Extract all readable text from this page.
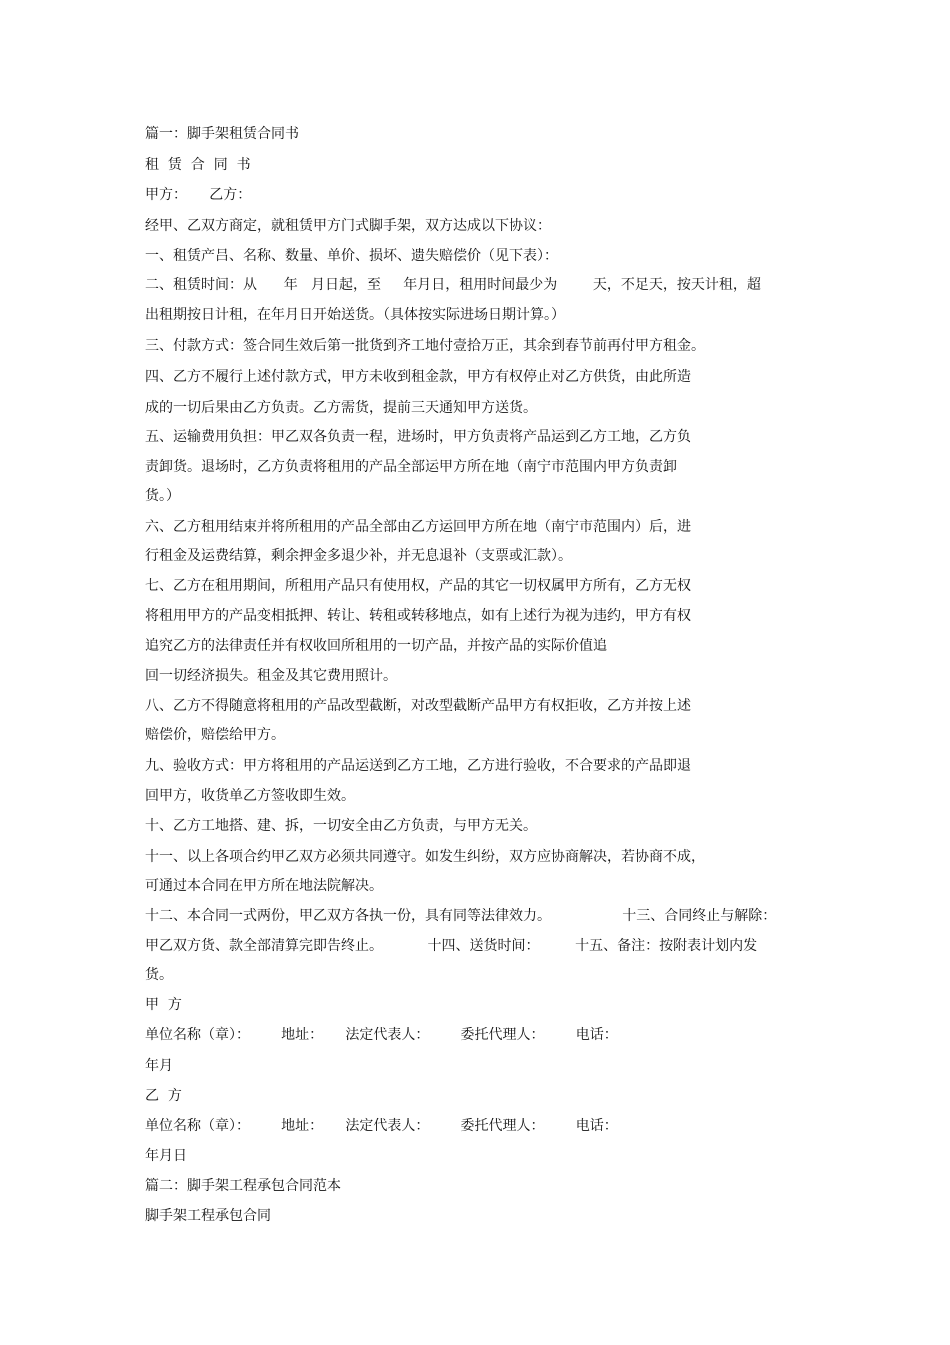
篇一：脚手架租赁合同书
租  赁  合  同  书
甲方：     乙方：
经甲、乙双方商定，就租赁甲方门式脚手架，双方达成以下协议：
一、租赁产吕、名称、数量、单价、损坏、遗失赔偿价（见下表）：
二、租赁时间：从      年   月日起，至     年月日，租用时间最少为        天，不足天，按天计租，超
出租期按日计租，在年月日开始送货。（具体按实际进场日期计算。）
三、付款方式：签合同生效后第一批货到齐工地付壹拾万正，其余到春节前再付甲方租金。
四、乙方不履行上述付款方式，甲方未收到租金款，甲方有权停止对乙方供货，由此所造
成的一切后果由乙方负责。乙方需货，提前三天通知甲方送货。
五、运输费用负担：甲乙双各负责一程，进场时，甲方负责将产品运到乙方工地，乙方负
责卸货。退场时，乙方负责将租用的产品全部运甲方所在地（南宁市范围内甲方负责卸
货。）
六、乙方租用结束并将所租用的产品全部由乙方运回甲方所在地（南宁市范围内）后，进
行租金及运费结算，剩余押金多退少补，并无息退补（支票或汇款）。
七、乙方在租用期间，所租用产品只有使用权，产品的其它一切权属甲方所有，乙方无权
将租用甲方的产品变相抵押、转让、转租或转移地点，如有上述行为视为违约，甲方有权
追究乙方的法律责任并有权收回所租用的一切产品，并按产品的实际价值追
回一切经济损失。租金及其它费用照计。
八、乙方不得随意将租用的产品改型截断，对改型截断产品甲方有权拒收，乙方并按上述
赔偿价，赔偿给甲方。
九、验收方式：甲方将租用的产品运送到乙方工地，乙方进行验收，不合要求的产品即退
回甲方，收货单乙方签收即生效。
十、乙方工地搭、建、拆，一切安全由乙方负责，与甲方无关。
十一、以上各项合约甲乙双方必须共同遵守。如发生纠纷，双方应协商解决，若协商不成，
可通过本合同在甲方所在地法院解决。
十二、本合同一式两份，甲乙双方各执一份，具有同等法律效力。                十三、合同终止与解除：
甲乙双方货、款全部清算完即告终止。          十四、送货时间：        十五、备注：按附表计划内发
货。
甲  方
单位名称（章）：       地址：     法定代表人：       委托代理人：       电话：
年月
乙  方
单位名称（章）：       地址：     法定代表人：       委托代理人：       电话：
年月日
篇二：脚手架工程承包合同范本
脚手架工程承包合同
